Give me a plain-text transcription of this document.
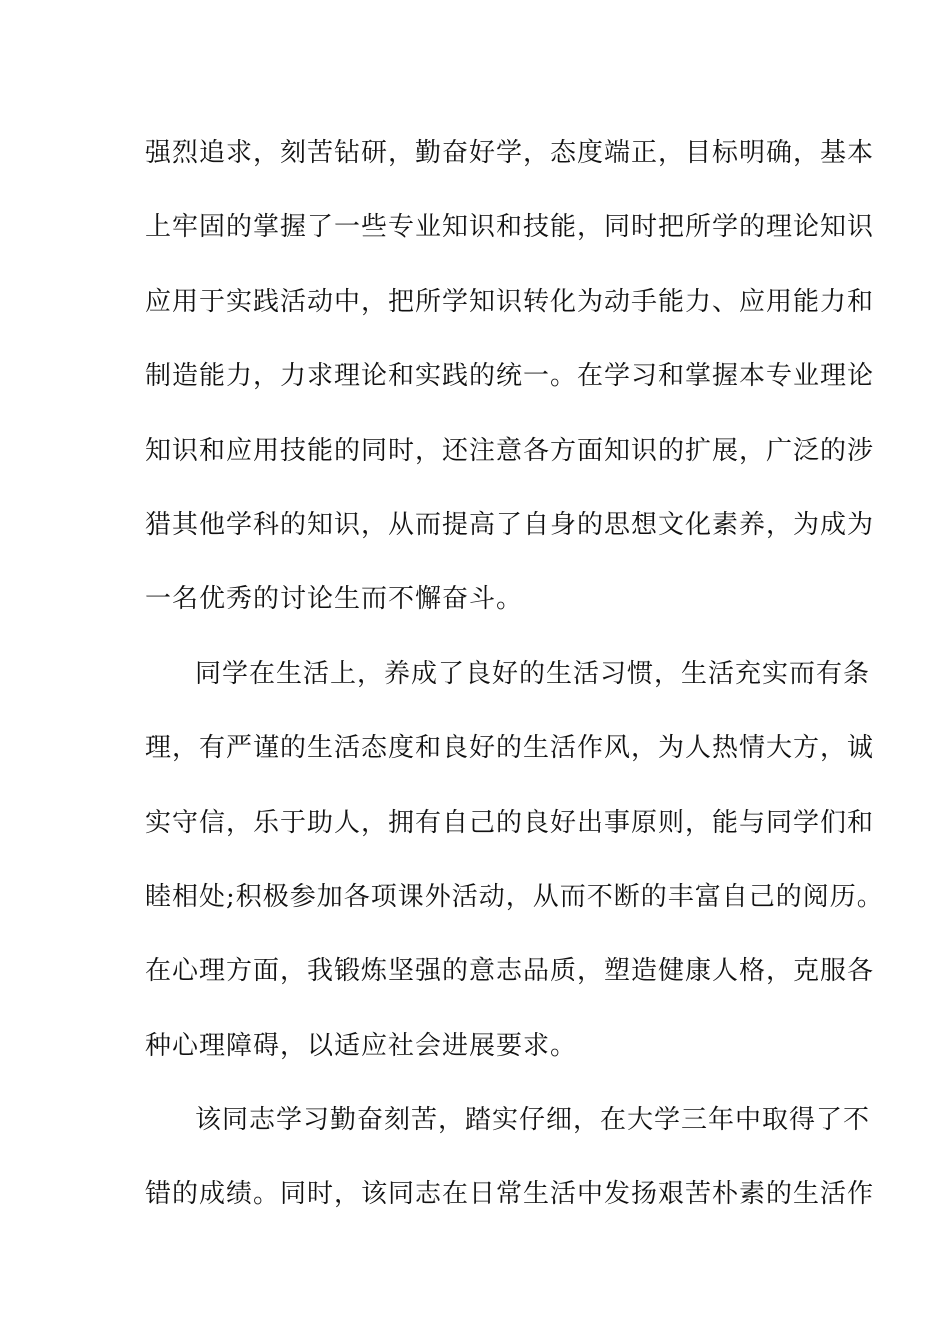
强烈追求，刻苦钻研，勤奋好学，态度端正，目标明确，基本
上牢固的掌握了一些专业知识和技能，同时把所学的理论知识
应用于实践活动中，把所学知识转化为动手能力、应用能力和
制造能力，力求理论和实践的统一。在学习和掌握本专业理论
知识和应用技能的同时，还注意各方面知识的扩展，广泛的涉
猎其他学科的知识，从而提高了自身的思想文化素养，为成为
一名优秀的讨论生而不懈奋斗。
同学在生活上，养成了良好的生活习惯，生活充实而有条
理，有严谨的生活态度和良好的生活作风，为人热情大方，诚
实守信，乐于助人，拥有自己的良好出事原则，能与同学们和
睦相处;积极参加各项课外活动，从而不断的丰富自己的阅历。
在心理方面，我锻炼坚强的意志品质，塑造健康人格，克服各
种心理障碍，以适应社会进展要求。
该同志学习勤奋刻苦，踏实仔细，在大学三年中取得了不
错的成绩。同时，该同志在日常生活中发扬艰苦朴素的生活作
